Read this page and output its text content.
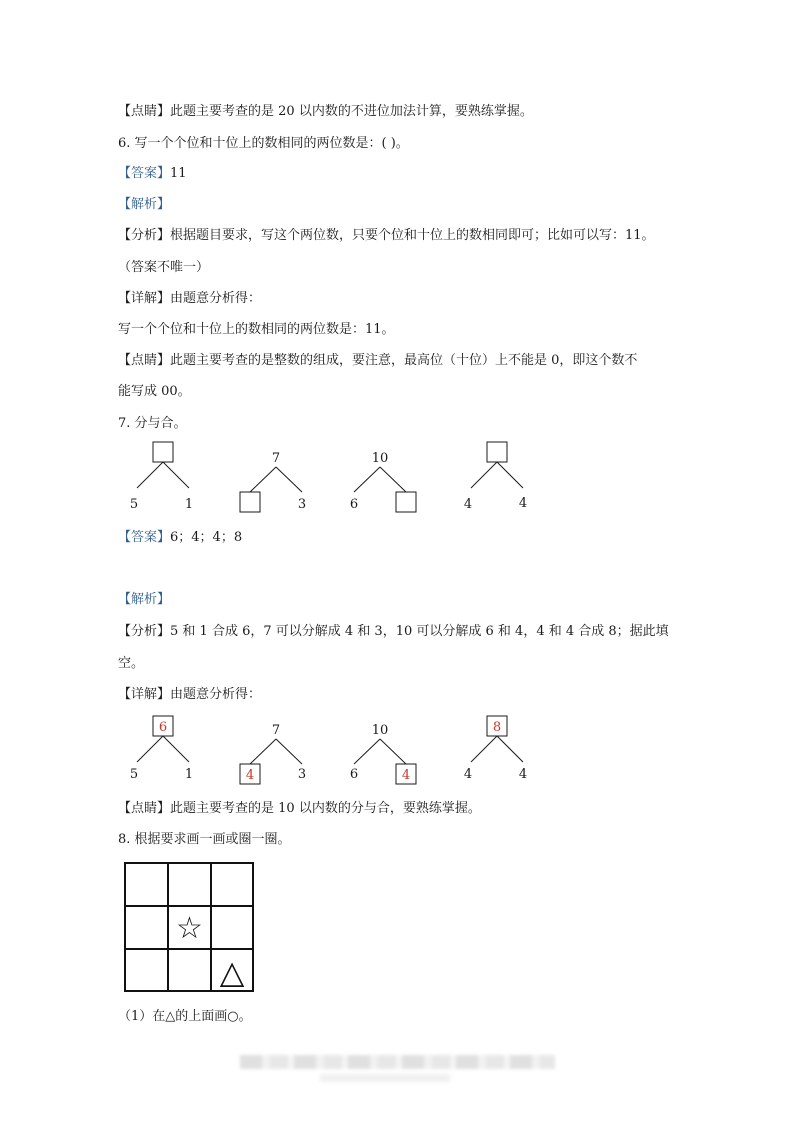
【点睛】此题主要考查的是 20 以内数的不进位加法计算，要熟练掌握。
6. 写一个个位和十位上的数相同的两位数是：( )。
【答案】11
【解析】
【分析】根据题目要求，写这个两位数，只要个位和十位上的数相同即可；比如可以写：11。
（答案不唯一）
【详解】由题意分析得：
写一个个位和十位上的数相同的两位数是：11。
【点睛】此题主要考查的是整数的组成，要注意，最高位（十位）上不能是 0，即这个数不
能写成 00。
7. 分与合。
5	1
7
3
10
6	4	4
6
5	1
7
4	3
10
6	4
8
4	4
【答案】6；4；4；8
【解析】
【分析】5 和 1 合成 6，7 可以分解成 4 和 3，10 可以分解成 6 和 4，4 和 4 合成 8；据此填
空。
【详解】由题意分析得：
【点睛】此题主要考查的是 10 以内数的分与合，要熟练掌握。
8. 根据要求画一画或圈一圈。
☆
△
（1）在△的上面画○。
